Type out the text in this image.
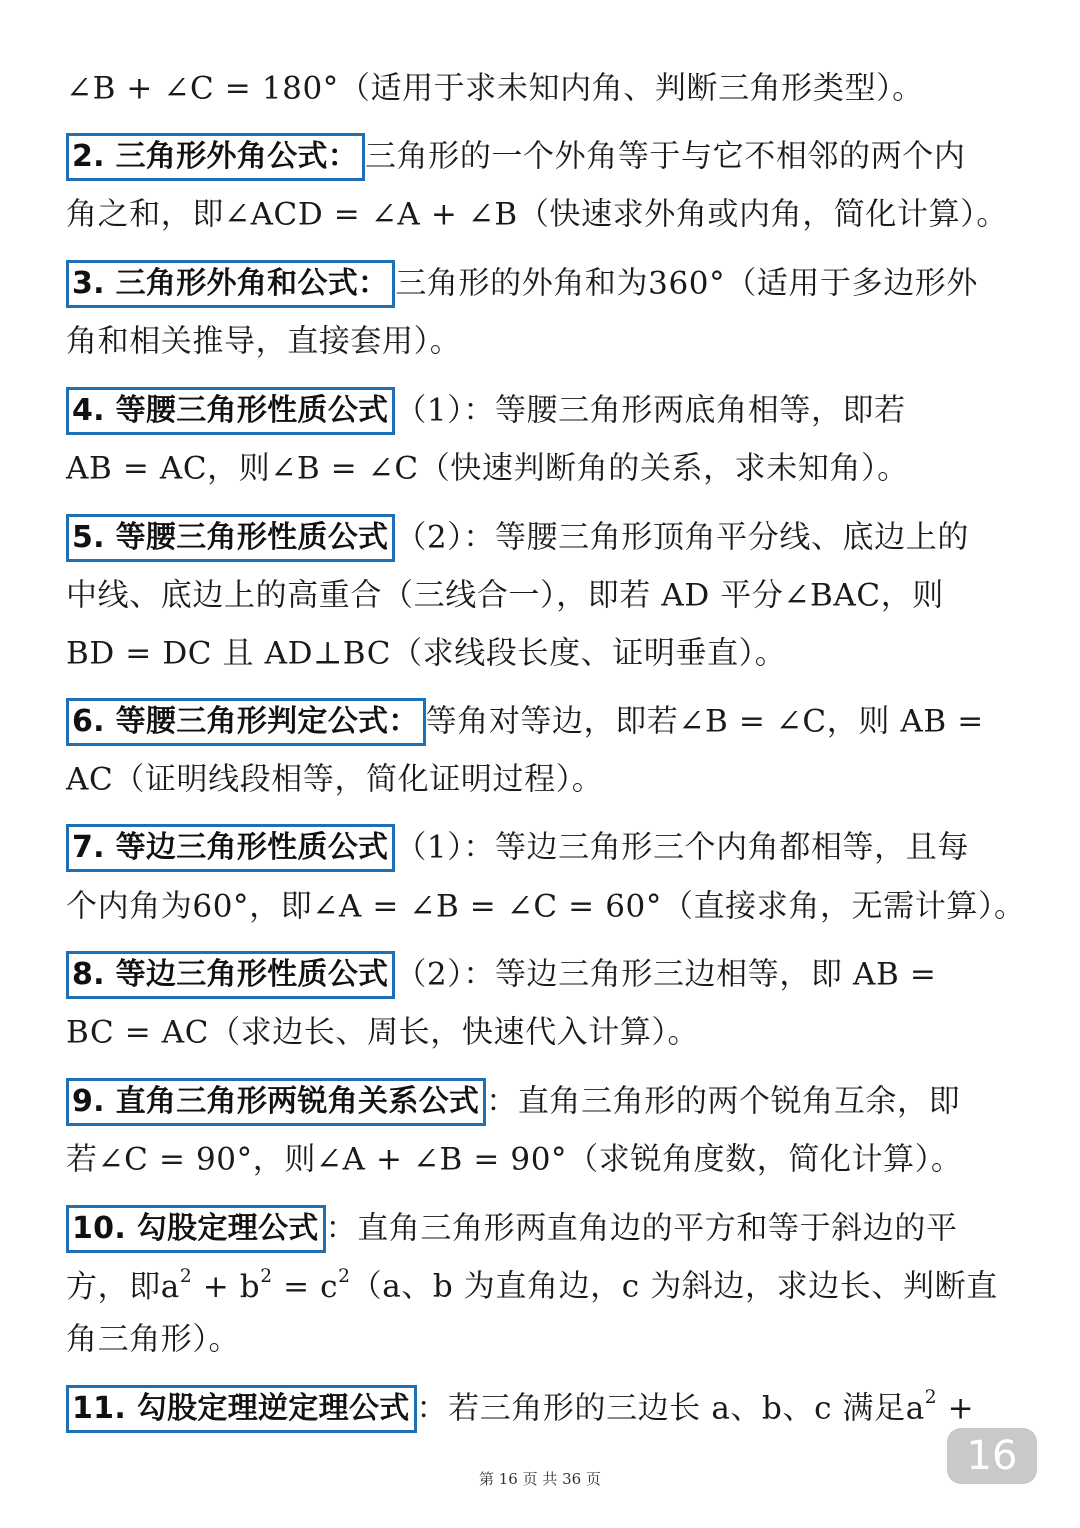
∠B + ∠C = 180°（适用于求未知内角、判断三角形类型）。
2. 三角形外角公式： 三角形的一个外角等于与它不相邻的两个内
角之和，即∠ACD = ∠A + ∠B（快速求外角或内角，简化计算）。
3. 三角形外角和公式： 三角形的外角和为360°（适用于多边形外
角和相关推导，直接套用）。
4. 等腰三角形性质公式 （1）：等腰三角形两底角相等，即若
AB = AC，则∠B = ∠C（快速判断角的关系，求未知角）。
5. 等腰三角形性质公式 （2）：等腰三角形顶角平分线、底边上的
中线、底边上的高重合（三线合一），即若 AD 平分∠BAC，则
BD = DC 且 AD⊥BC（求线段长度、证明垂直）。
6. 等腰三角形判定公式： 等角对等边，即若∠B = ∠C，则 AB =
AC（证明线段相等，简化证明过程）。
7. 等边三角形性质公式 （1）：等边三角形三个内角都相等，且每
个内角为60°，即∠A = ∠B = ∠C = 60°（直接求角，无需计算）。
8. 等边三角形性质公式 （2）：等边三角形三边相等，即 AB =
BC = AC（求边长、周长，快速代入计算）。
9. 直角三角形两锐角关系公式 ：直角三角形的两个锐角互余，即
若∠C = 90°，则∠A + ∠B = 90°（求锐角度数，简化计算）。
10. 勾股定理公式 ：直角三角形两直角边的平方和等于斜边的平
方，即$a^2 + b^2 = c^2(a$、b 为直角边，c 为斜边，求边长、判断直
角三角形）。
11. 勾股定理逆定理公式 ：若三角形的三边长 a、b、c 满足$a^2$ +
16
第 16 页 共 36 页
